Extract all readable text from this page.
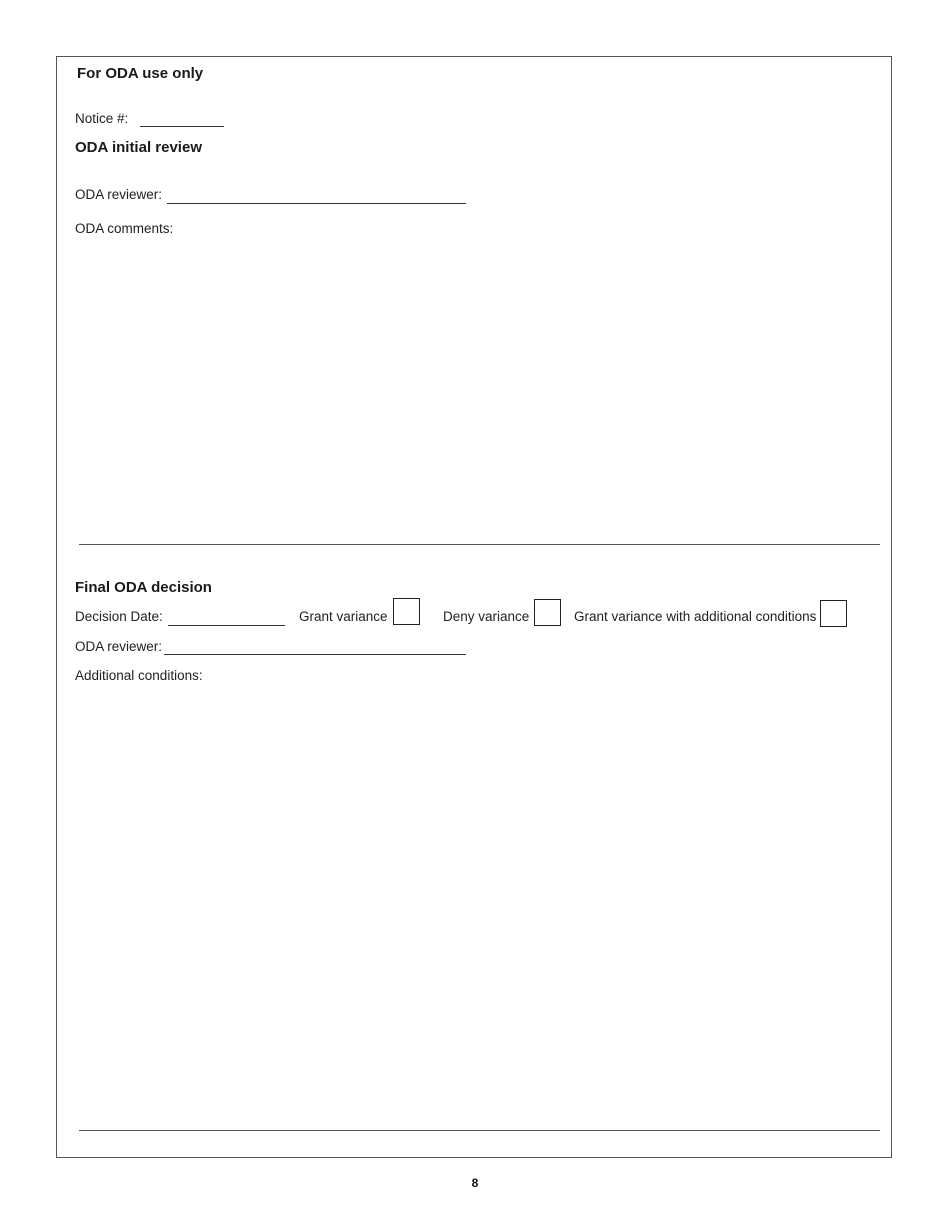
For ODA use only
Notice #:
ODA initial review
ODA reviewer:
ODA comments:
Final ODA decision
Decision Date:	Grant variance	Deny variance	Grant variance with additional conditions
ODA reviewer:
Additional conditions:
8
